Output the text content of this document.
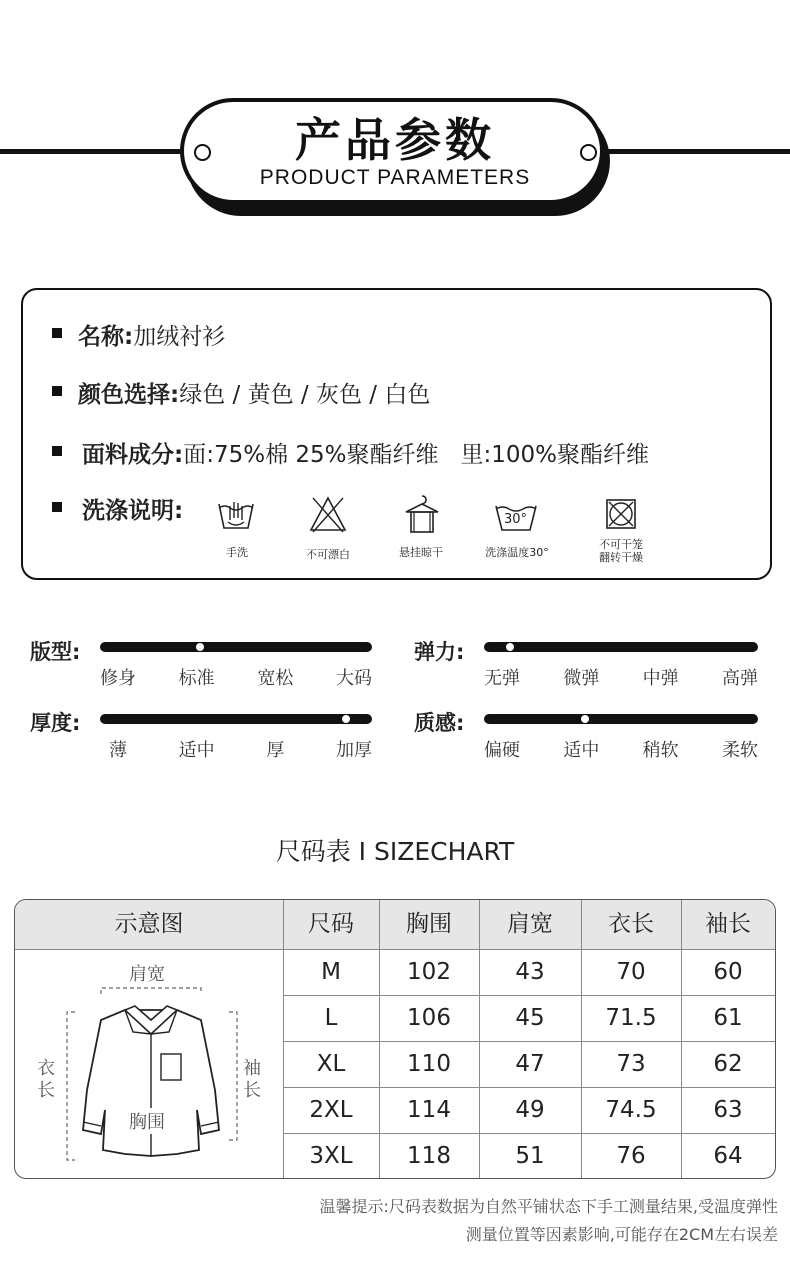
产品参数
PRODUCT PARAMETERS
名称:加绒衬衫
颜色选择:绿色 / 黄色 / 灰色 / 白色
面料成分:面:75%棉 25%聚酯纤维   里:100%聚酯纤维
洗涤说明:
手洗	不可漂白	悬挂晾干
30°
洗涤温度30°
不可干笼
翻转干燥
版型:
修身	标准	宽松	大码
弹力:
无弹	微弹	中弹	高弹
厚度:
薄	适中	厚	加厚
质感:
偏硬	适中	稍软	柔软
尺码表 I SIZECHART
肩宽
衣长
袖长
胸围
示意图	尺码	胸围	肩宽	衣长	袖长
M	102	43	70	60
L	106	45	71.5	61
XL	110	47	73	62
2XL	114	49	74.5	63
3XL	118	51	76	64
温馨提示:尺码表数据为自然平铺状态下手工测量结果,受温度弹性
测量位置等因素影响,可能存在2CM左右误差
